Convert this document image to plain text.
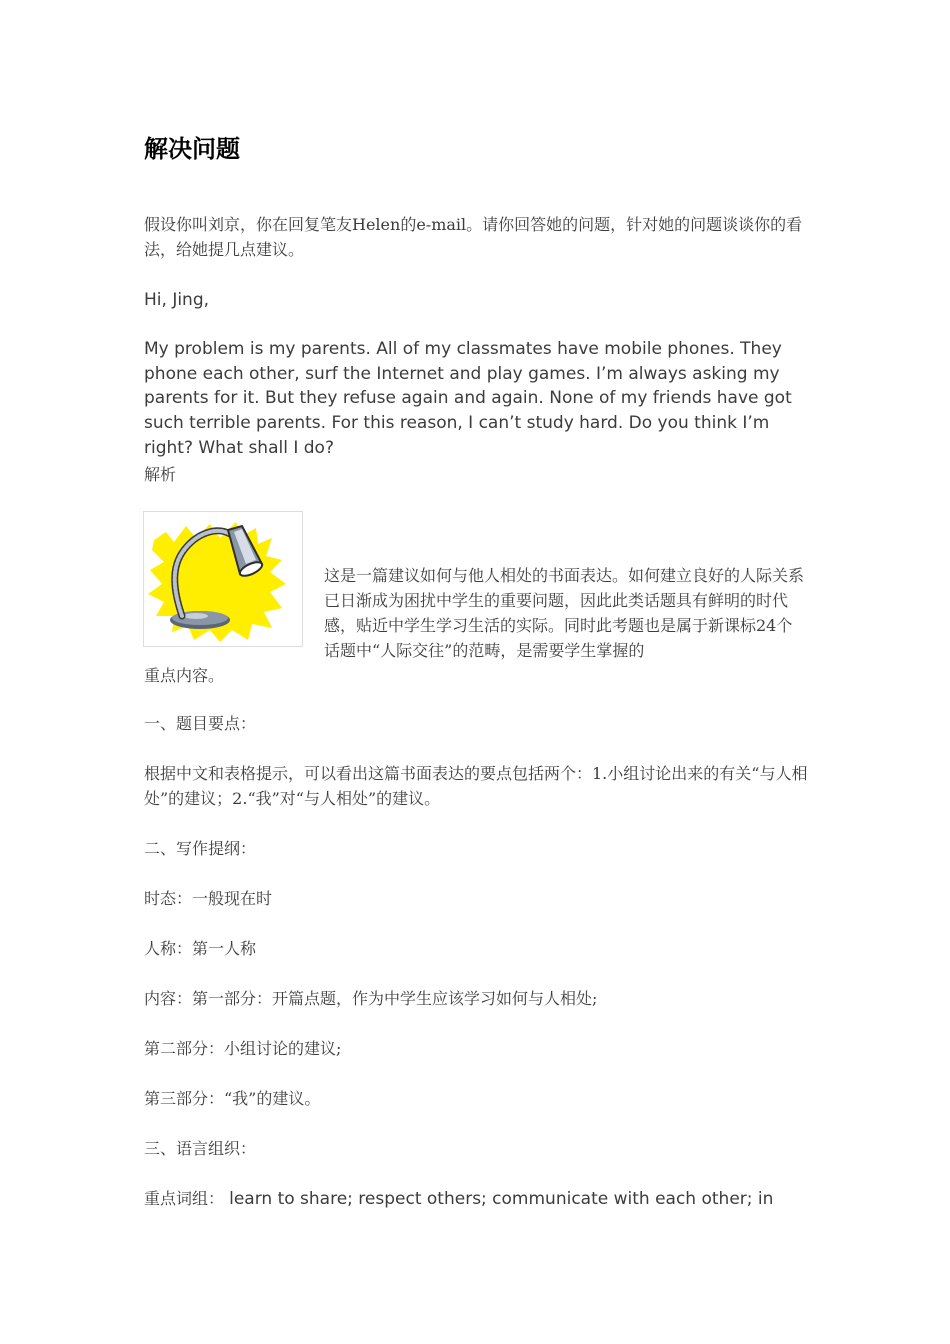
解决问题

假设你叫刘京，你在回复笔友Helen的e-mail。请你回答她的问题，针对她的问题谈谈你的看法，给她提几点建议。

Hi, Jing,

My problem is my parents. All of my classmates have mobile phones. They phone each other, surf the Internet and play games. I’m always asking my parents for it. But they refuse again and again. None of my friends have got such terrible parents. For this reason, I can’t study hard. Do you think I’m right? What shall I do?

解析

这是一篇建议如何与他人相处的书面表达。如何建立良好的人际关系已日渐成为困扰中学生的重要问题，因此此类话题具有鲜明的时代感，贴近中学生学习生活的实际。同时此考题也是属于新课标24个话题中“人际交往”的范畴，是需要学生掌握的
重点内容。

一、题目要点：

根据中文和表格提示，可以看出这篇书面表达的要点包括两个：1.小组讨论出来的有关“与人相处”的建议；2.“我”对“与人相处”的建议。

二、写作提纲：

时态：一般现在时

人称：第一人称

内容：第一部分：开篇点题，作为中学生应该学习如何与人相处;

第二部分：小组讨论的建议;

第三部分：“我”的建议。

三、语言组织：

重点词组： learn to share; respect others; communicate with each other; in
